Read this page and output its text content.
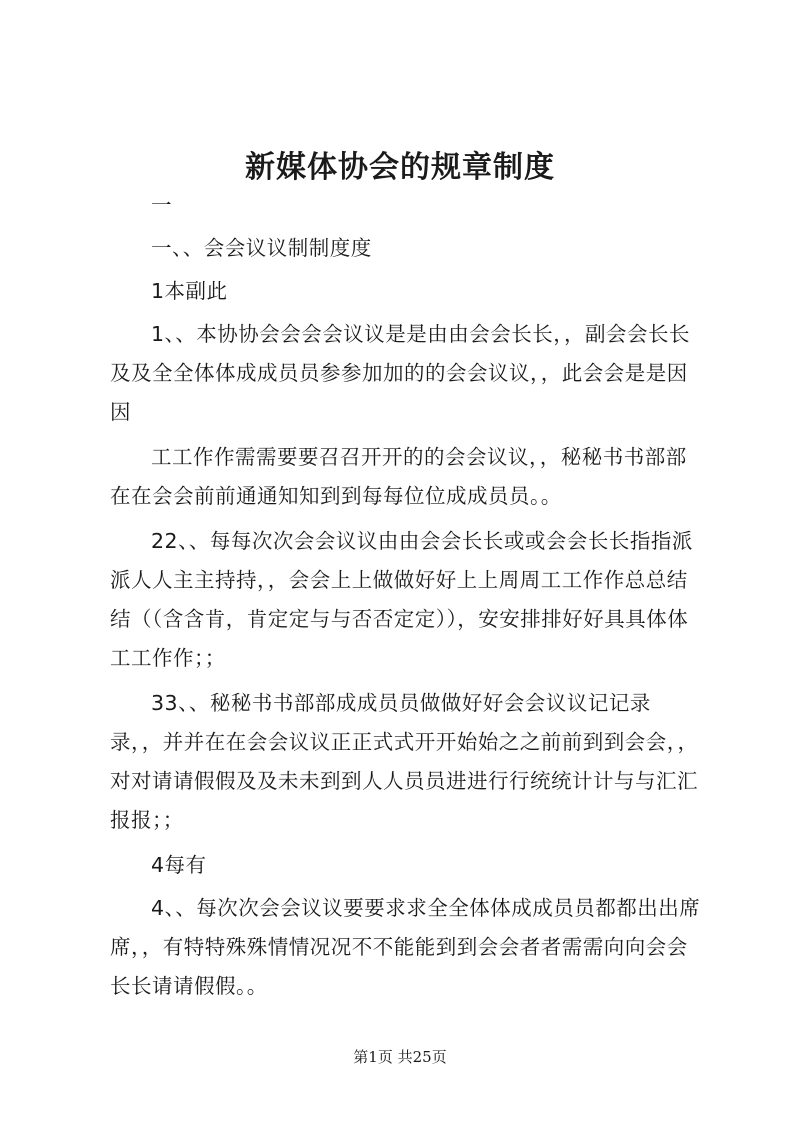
新媒体协会的规章制度

一

一、、会会议议制制度度

1本副此

1、、本协协会会会会议议是是由由会会长长，，副会会长长及及全全体体成成员员参参加加的的会会议议，，此会会是是因因

工工作作需需要要召召开开的的会会议议，，秘秘书书部部在在会会前前通通知知到到每每位位成成员员。。

22、、每每次次会会议议由由会会长长或或会会长长指指派派人人主主持持，，会会上上做做好好上上周周工工作作总总结结（（含含肯，肯定定与与否否定定）），安安排排好好具具体体工工作作；；

33、、秘秘书书部部成成员员做做好好会会议议记记录录，，并并在在会会议议正正式式开开始始之之前前到到会会，，对对请请假假及及未未到到人人员员进进行行统统计计与与汇汇报报；；

4每有

4、、每次次会会议议要要求求全全体体成成员员都都出出席席，，有特特殊殊情情况况不不能能到到会会者者需需向向会会长长请请假假。。

第1页 共25页
